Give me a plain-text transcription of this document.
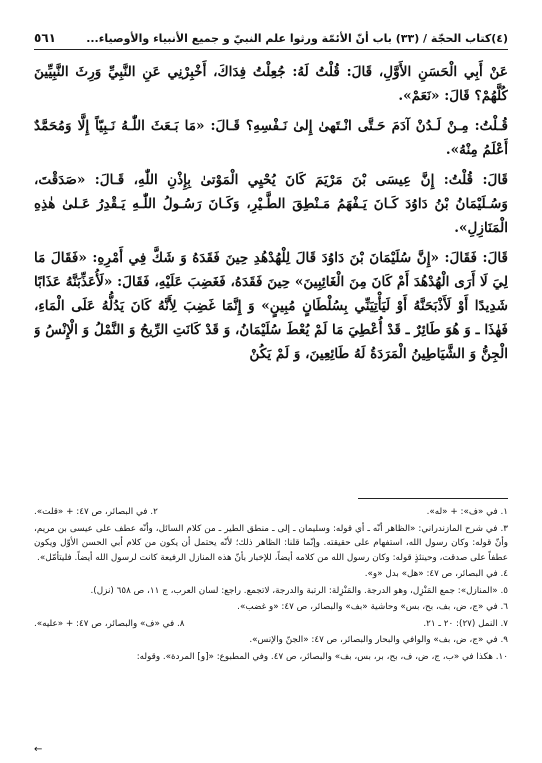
(٤)كتاب الحجّة / (٣٣) باب أنّ الأئمّة ورثوا علم النبيّ و جميع الأنبياء والأوصياء...
٥٦١

عَنْ أَبِي الْحَسَنِ الأَوَّلِ، قَالَ: قُلْتُ لَهُ: جُعِلْتُ فِدَاكَ، أَخْبِرْنِي عَنِ النَّبِيِّ وَرِثَ النَّبِيِّينَ كُلَّهُمْ؟ قَالَ: «نَعَمْ».

قُـلْتُ: مِـنْ لَـدُنْ آدَمَ حَـتَّى انْـتَهىٰ إِلىٰ نَـفْسِهِ؟ قَـالَ: «مَا بَـعَثَ اللّٰـهُ نَـبِيّاً إِلَّا وَمُحَمَّدٌ أَعْلَمُ مِنْهُ».

قَالَ: قُلْتُ: إِنَّ عِيسَى بْنَ مَرْيَمَ كَانَ يُحْيِي الْمَوْتىٰ بِإِذْنِ اللّٰهِ، قَـالَ: «صَدَقْتَ، وَسُـلَيْمَانُ بْنُ دَاوُدَ كَـانَ يَـفْهَمُ مَـنْطِقَ الطَّـيْرِ، وَكَـانَ رَسُـولُ اللّٰـهِ يَـقْدِرُ عَـلىٰ هٰذِهِ الْمَنَازِلِ».

قَالَ: فَقَالَ: «إِنَّ سُلَيْمَانَ بْنَ دَاوُدَ قَالَ لِلْهُدْهُدِ حِينَ فَقَدَهُ وَ شَكَّ فِي أَمْرِهِ: «فَقَالَ مَا لِيَ لَا أَرَى الْهُدْهُدَ أَمْ كَانَ مِنَ الْغَائِبِينَ» حِينَ فَقَدَهُ، فَغَضِبَ عَلَيْهِ، فَقَالَ: «لَأُعَذِّبَنَّهُ عَذَابًا شَدِيدًا أَوْ لَأَذْبَحَنَّهُ أَوْ لَيَأْتِيَنِّي بِسُلْطَانٍ مُبِينٍ» وَ إِنَّمَا غَضِبَ لِأَنَّهُ كَانَ يَدُلُّهُ عَلَى الْمَاءِ، فَهٰذَا ـ وَ هُوَ طَائِرٌ ـ قَدْ أُعْطِيَ مَا لَمْ يُعْطَ سُلَيْمَانُ، وَ قَدْ كَانَتِ الرِّيحُ وَ النَّمْلُ وَ الْإِنْسُ وَ الْجِنُّ وَ الشَّيَاطِينُ الْمَرَدَةُ لَهُ طَائِعِينَ، وَ لَمْ يَكُنْ

١. في «ف»: + «له».
٢. في البصائر، ص ٤٧: + «قلت».

٣. في شرح المازندراني: «الظاهر أنّه ـ أي قوله: وسليمان ـ إلى ـ منطق الطير ـ من كلام السائل، وأنّه عطف على عيسى بن مريم، وأنّ قوله: وكان رسول الله، استفهام على حقيقته. وإنّما قلنا: الظاهر ذلك؛ لأنّه يحتمل أن يكون من كلام أبي الحسن الأوّل ويكون عطفاً على صدقت، وحينئذٍ قوله: وكان رسول الله من كلامه أيضاً، للإخبار بأنّ هذه المنازل الرفيعة كانت لرسول الله أيضاً. فليتأمّل».

٤. في البصائر، ص ٤٧: «هل» بدل «و».

٥. «المنازل»: جمع المَنْزِل، وهو الدرجة. والمَنْزِلة: الرتبة والدرجة، لاتجمع. راجع: لسان العرب، ج ١١، ص ٦٥٨ (نزل).

٦. في «ج، ض، بف، بح، بس» وحاشية «بف» والبصائر، ص ٤٧: «و غضب».

٧. النمل (٢٧): ٢٠ ـ ٢١.
٨. في «ف» والبصائر، ص ٤٧: + «عليه».

٩. في «ج، ض، بف» والوافي والبحار والبصائر، ص ٤٧: «الجنّ والإنس».

١٠. هكذا في «ب، ج، ض، ف، بح، بر، بس، بف» والبصائر، ص ٤٧. وفي المطبوع: «[و] المردة». وقوله:

←
